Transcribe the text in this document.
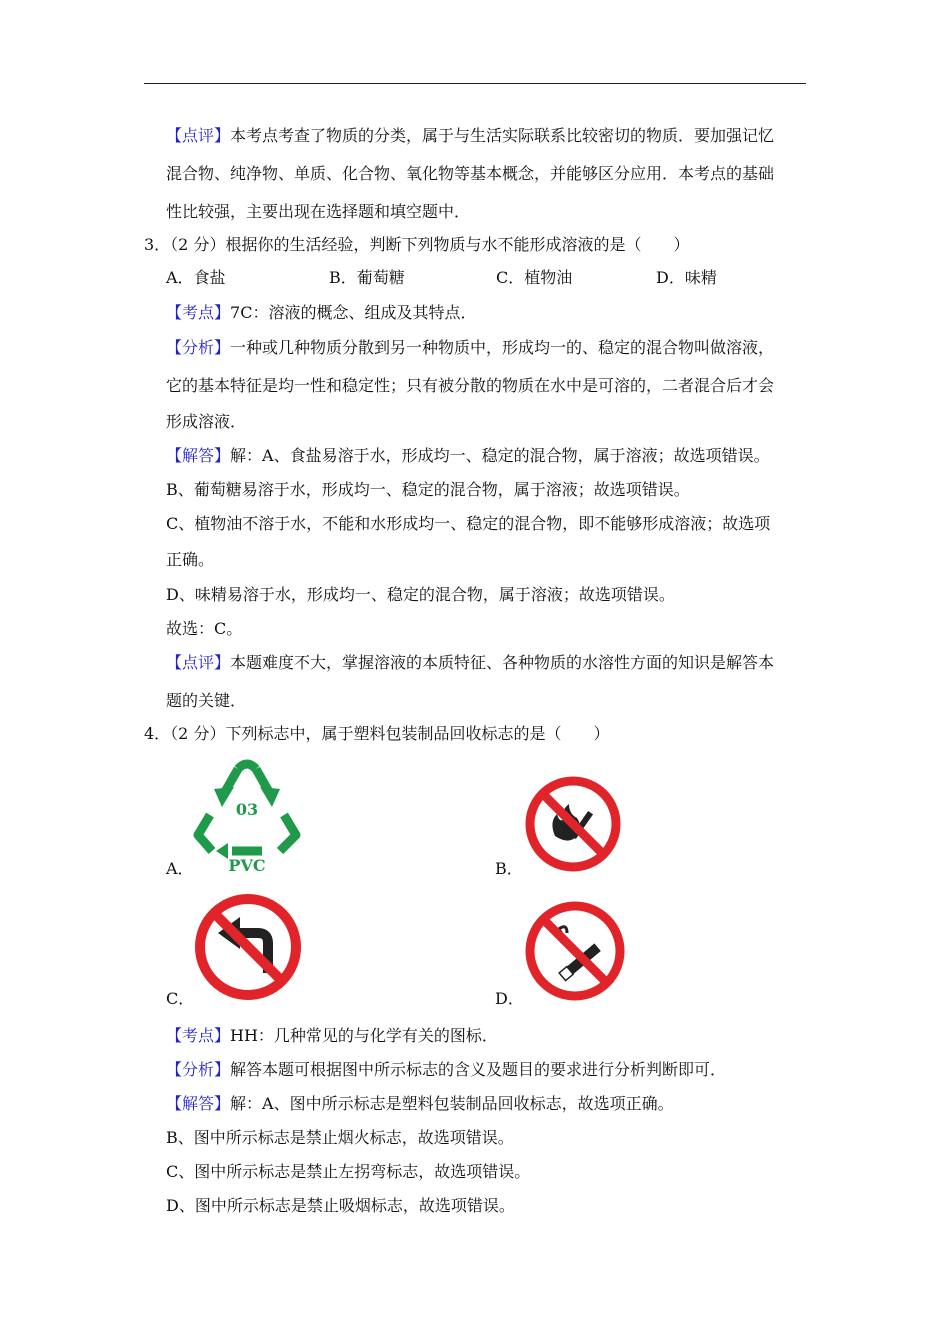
【点评】本考点考查了物质的分类，属于与生活实际联系比较密切的物质．要加强记忆
混合物、纯净物、单质、化合物、氧化物等基本概念，并能够区分应用．本考点的基础
性比较强，主要出现在选择题和填空题中．
3．（2 分）根据你的生活经验，判断下列物质与水不能形成溶液的是（　　）
A．食盐	B．葡萄糖	C．植物油	D．味精
【考点】7C：溶液的概念、组成及其特点．
【分析】一种或几种物质分散到另一种物质中，形成均一的、稳定的混合物叫做溶液，
它的基本特征是均一性和稳定性；只有被分散的物质在水中是可溶的，二者混合后才会
形成溶液．
【解答】解：A、食盐易溶于水，形成均一、稳定的混合物，属于溶液；故选项错误。
B、葡萄糖易溶于水，形成均一、稳定的混合物，属于溶液；故选项错误。
C、植物油不溶于水，不能和水形成均一、稳定的混合物，即不能够形成溶液；故选项
正确。
D、味精易溶于水，形成均一、稳定的混合物，属于溶液；故选项错误。
故选：C。
【点评】本题难度不大，掌握溶液的本质特征、各种物质的水溶性方面的知识是解答本
题的关键．
4．（2 分）下列标志中，属于塑料包装制品回收标志的是（　　）
03
PVC
A．	B．
C．	D．
【考点】HH：几种常见的与化学有关的图标．
【分析】解答本题可根据图中所示标志的含义及题目的要求进行分析判断即可．
【解答】解：A、图中所示标志是塑料包装制品回收标志，故选项正确。
B、图中所示标志是禁止烟火标志，故选项错误。
C、图中所示标志是禁止左拐弯标志，故选项错误。
D、图中所示标志是禁止吸烟标志，故选项错误。
